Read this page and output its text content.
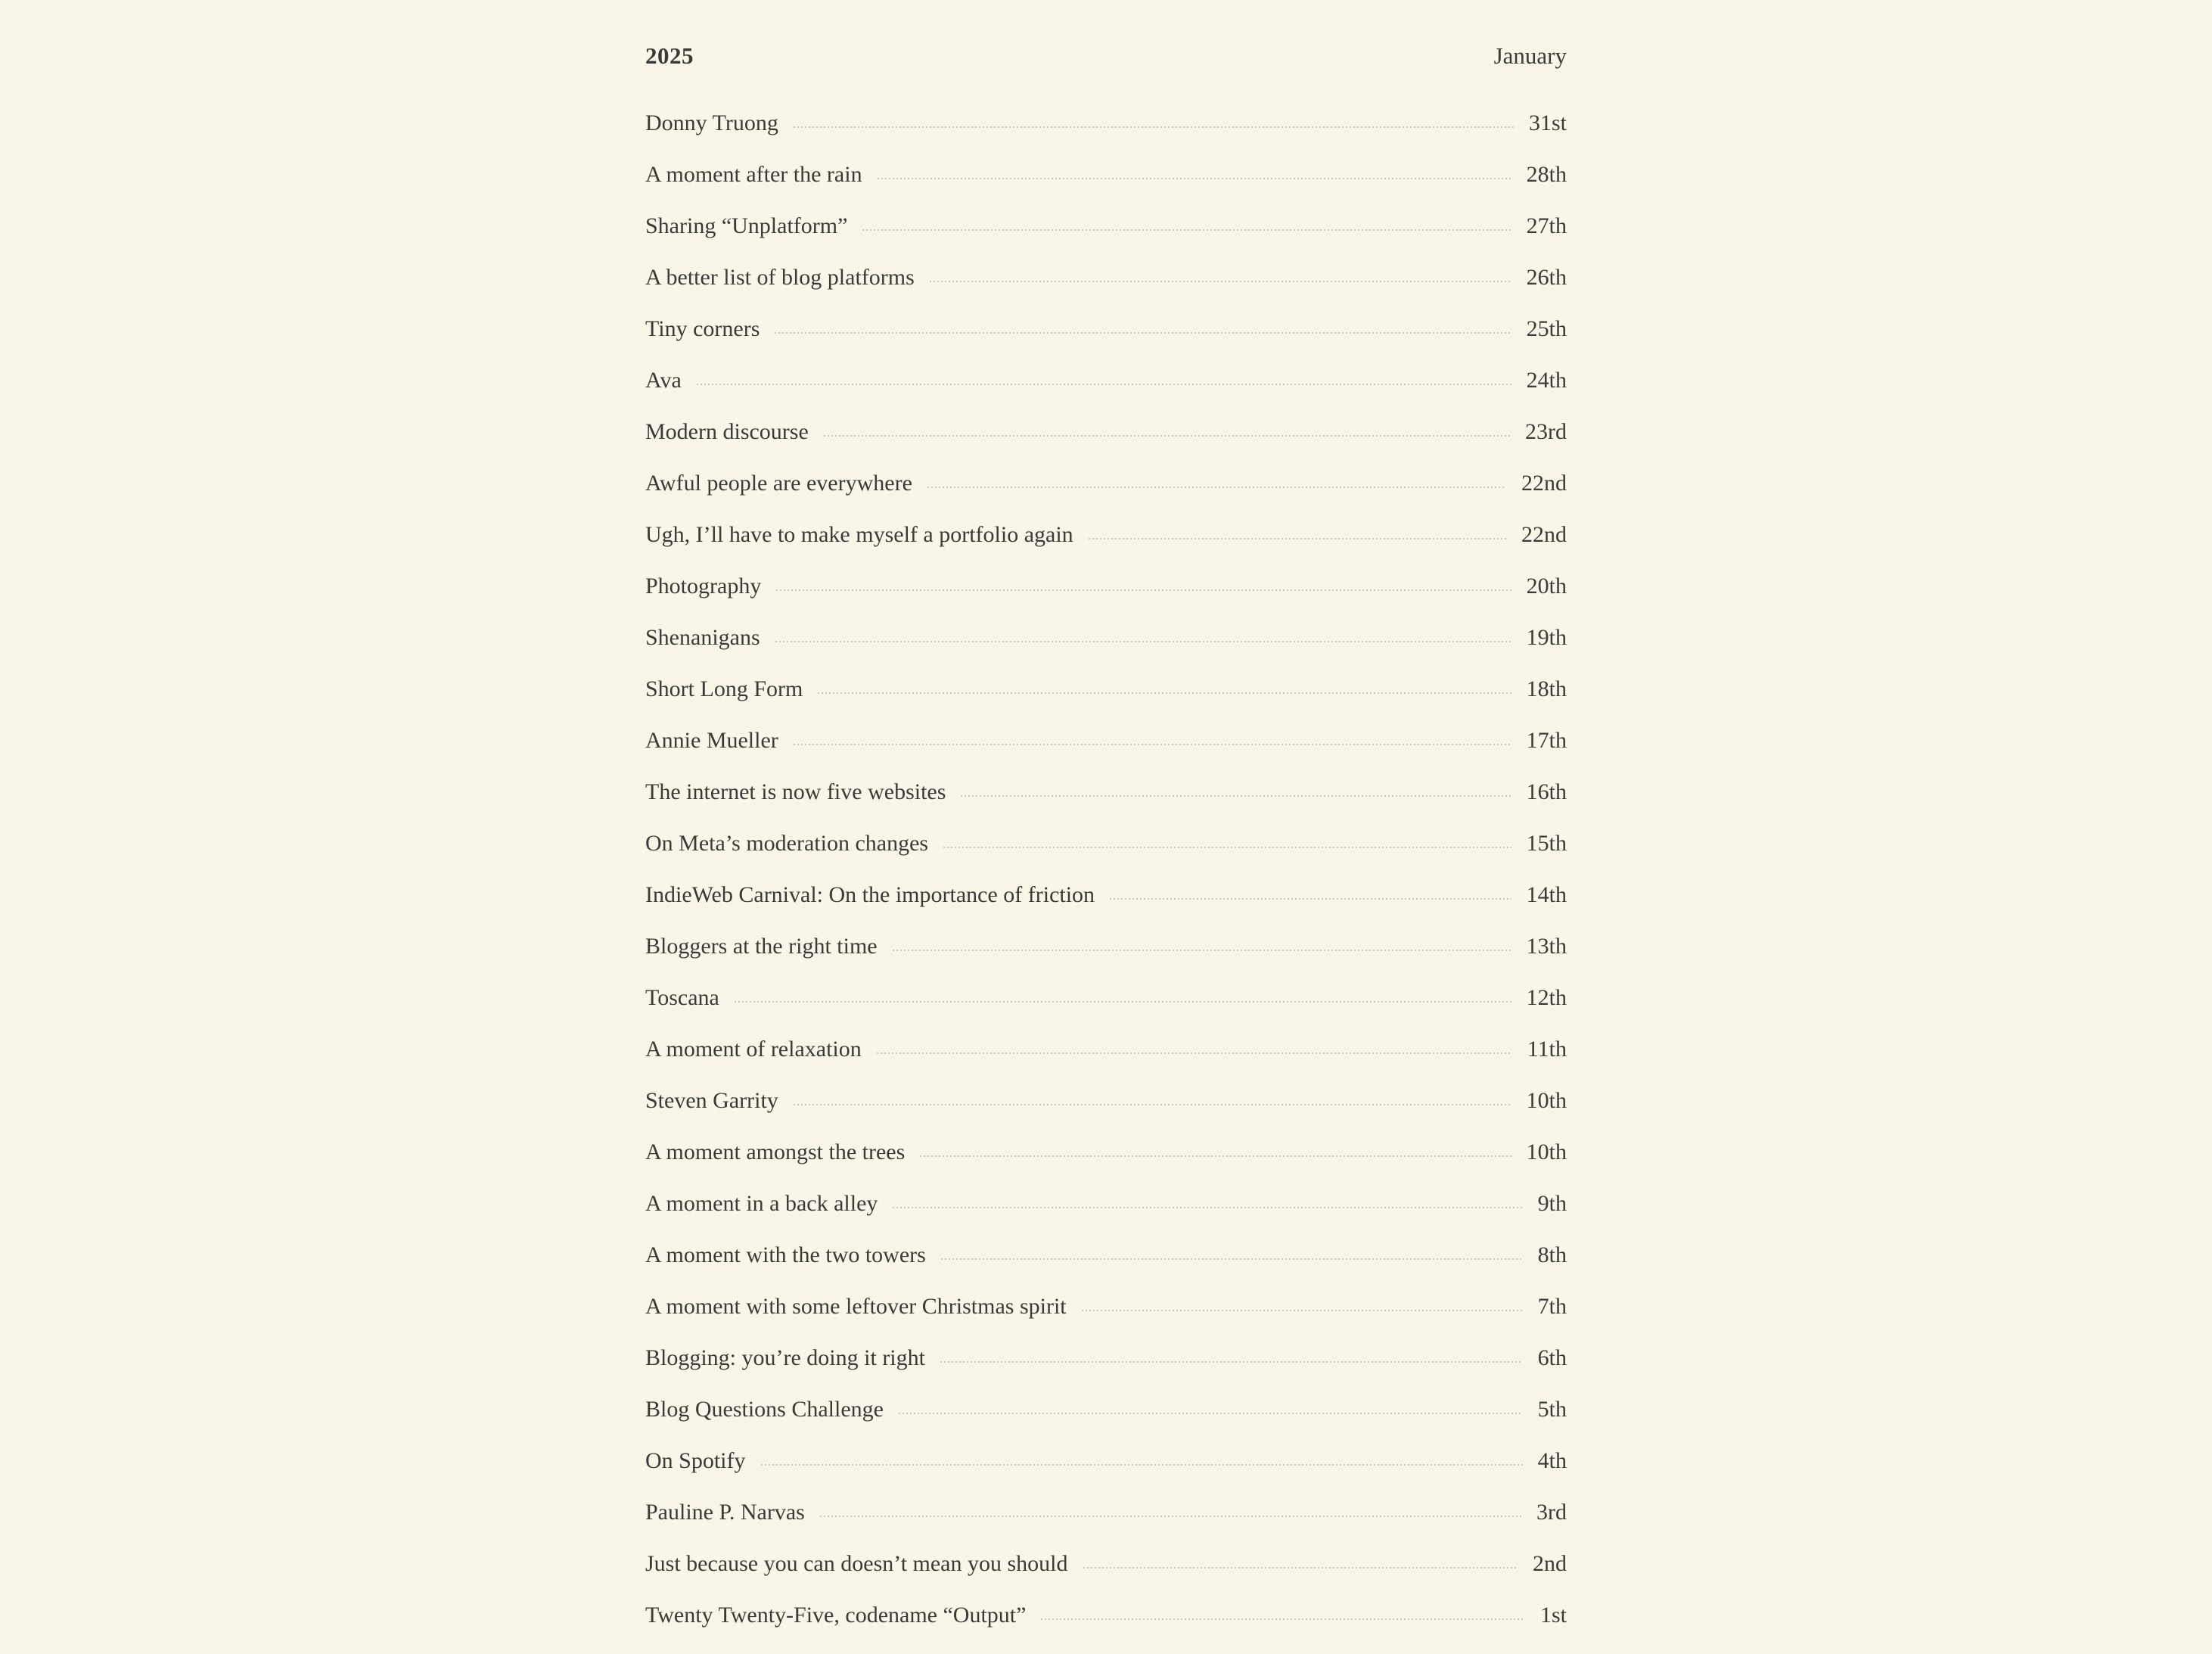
2025	January
Donny Truong	31st
A moment after the rain	28th
Sharing “Unplatform”	27th
A better list of blog platforms	26th
Tiny corners	25th
Ava	24th
Modern discourse	23rd
Awful people are everywhere	22nd
Ugh, I’ll have to make myself a portfolio again	22nd
Photography	20th
Shenanigans	19th
Short Long Form	18th
Annie Mueller	17th
The internet is now five websites	16th
On Meta’s moderation changes	15th
IndieWeb Carnival: On the importance of friction	14th
Bloggers at the right time	13th
Toscana	12th
A moment of relaxation	11th
Steven Garrity	10th
A moment amongst the trees	10th
A moment in a back alley	9th
A moment with the two towers	8th
A moment with some leftover Christmas spirit	7th
Blogging: you’re doing it right	6th
Blog Questions Challenge	5th
On Spotify	4th
Pauline P. Narvas	3rd
Just because you can doesn’t mean you should	2nd
Twenty Twenty-Five, codename “Output”	1st
